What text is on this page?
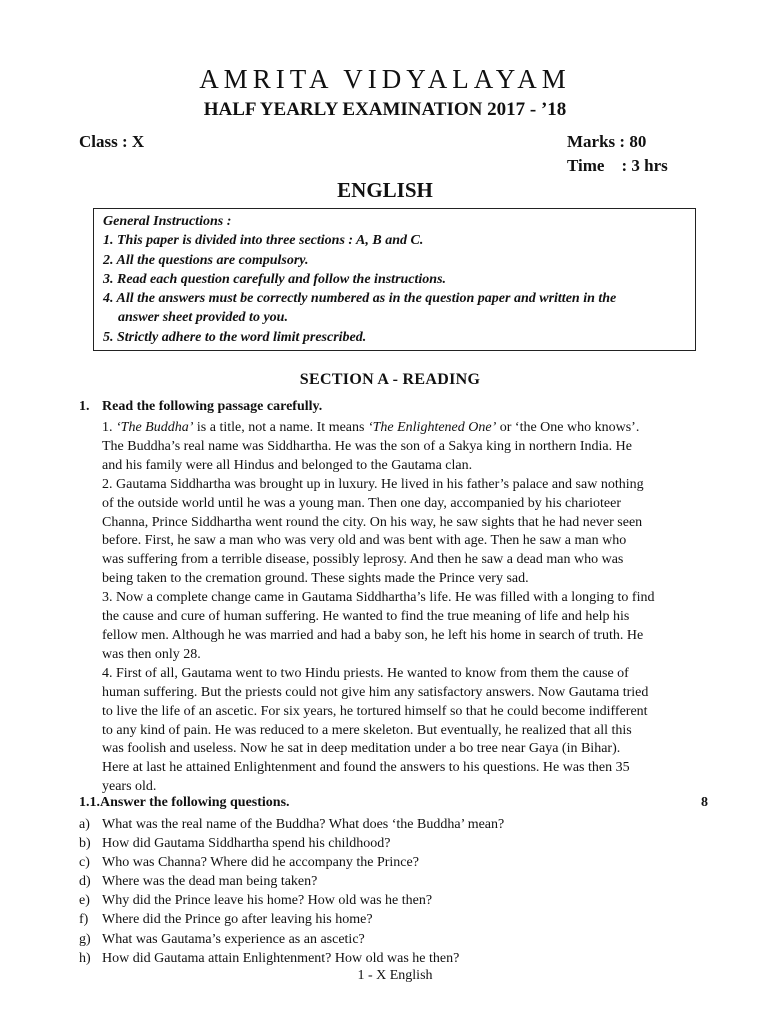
AMRITA VIDYALAYAM
HALF YEARLY EXAMINATION 2017 - ’18
Class : X	Marks : 80
Time    : 3 hrs
ENGLISH
General Instructions :
1. This paper is divided into three sections : A, B and C.
2. All the questions are compulsory.
3. Read each question carefully and follow the instructions.
4. All the answers must be correctly numbered as in the question paper and written in the
answer sheet provided to you.
5. Strictly adhere to the word limit prescribed.
SECTION A - READING
1. Read the following passage carefully.
1. ‘The Buddha’ is a title, not a name. It means ‘The Enlightened One’ or ‘the One who knows’.
The Buddha’s real name was Siddhartha. He was the son of a Sakya king in northern India. He
and his family were all Hindus and belonged to the Gautama clan.
2. Gautama Siddhartha was brought up in luxury. He lived in his father’s palace and saw nothing
of the outside world until he was a young man. Then one day, accompanied by his charioteer
Channa, Prince Siddhartha went round the city. On his way, he saw sights that he had never seen
before. First, he saw a man who was very old and was bent with age. Then he saw a man who
was suffering from a terrible disease, possibly leprosy. And then he saw a dead man who was
being taken to the cremation ground. These sights made the Prince very sad.
3. Now a complete change came in Gautama Siddhartha’s life. He was filled with a longing to find
the cause and cure of human suffering. He wanted to find the true meaning of life and help his
fellow men. Although he was married and had a baby son, he left his home in search of truth. He
was then only 28.
4. First of all, Gautama went to two Hindu priests. He wanted to know from them the cause of
human suffering. But the priests could not give him any satisfactory answers. Now Gautama tried
to live the life of an ascetic. For six years, he tortured himself so that he could become indifferent
to any kind of pain. He was reduced to a mere skeleton. But eventually, he realized that all this
was foolish and useless. Now he sat in deep meditation under a bo tree near Gaya (in Bihar).
Here at last he attained Enlightenment and found the answers to his questions. He was then 35
years old.
1.1.Answer the following questions.	8
a) What was the real name of the Buddha? What does ‘the Buddha’ mean?
b) How did Gautama Siddhartha spend his childhood?
c) Who was Channa? Where did he accompany the Prince?
d) Where was the dead man being taken?
e) Why did the Prince leave his home? How old was he then?
f) Where did the Prince go after leaving his home?
g) What was Gautama’s experience as an ascetic?
h) How did Gautama attain Enlightenment? How old was he then?
1 - X English
